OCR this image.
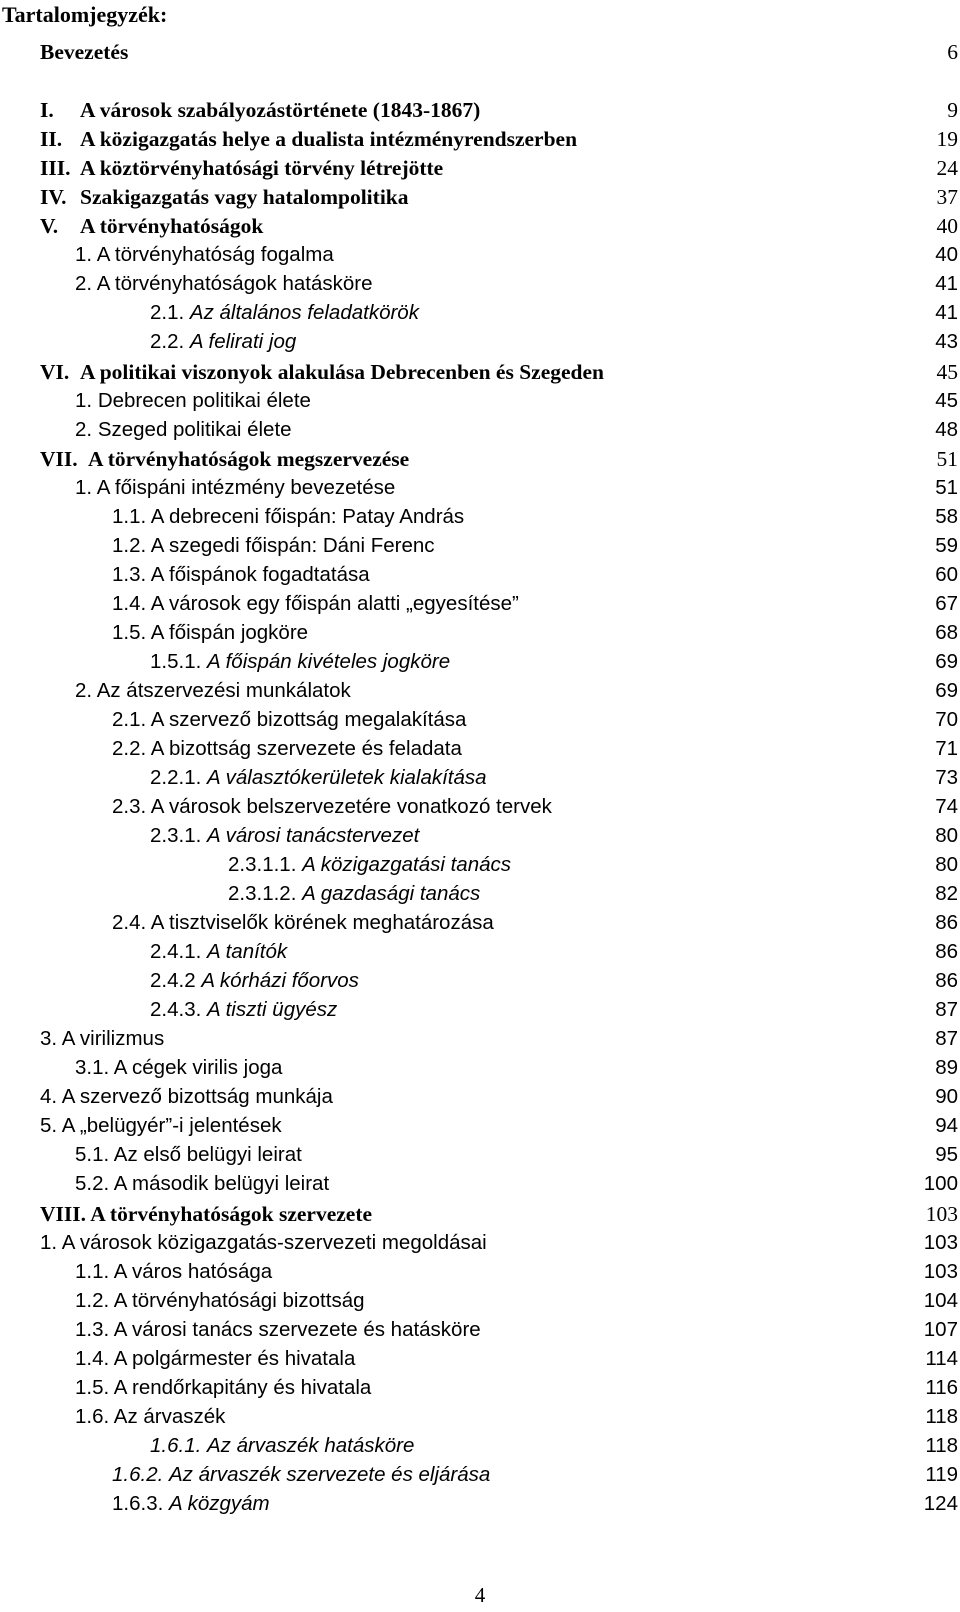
Tartalomjegyzék:
Bevezetés	6
I. A városok szabályozástörténete (1843-1867)	9
II. A közigazgatás helye a dualista intézményrendszerben	19
III. A köztörvényhatósági törvény létrejötte	24
IV. Szakigazgatás vagy hatalompolitika	37
V. A törvényhatóságok	40
1. A törvényhatóság fogalma	40
2. A törvényhatóságok hatásköre	41
2.1. Az általános feladatkörök	41
2.2. A felirati jog	43
VI. A politikai viszonyok alakulása Debrecenben és Szegeden	45
1. Debrecen politikai élete	45
2. Szeged politikai élete	48
VII. A törvényhatóságok megszervezése	51
1. A főispáni intézmény bevezetése	51
1.1. A debreceni főispán: Patay András	58
1.2. A szegedi főispán: Dáni Ferenc	59
1.3. A főispánok fogadtatása	60
1.4. A városok egy főispán alatti „egyesítése”	67
1.5. A főispán jogköre	68
1.5.1. A főispán kivételes jogköre	69
2. Az átszervezési munkálatok	69
2.1. A szervező bizottság megalakítása	70
2.2. A bizottság szervezete és feladata	71
2.2.1. A választókerületek kialakítása	73
2.3. A városok belszervezetére vonatkozó tervek	74
2.3.1. A városi tanácstervezet	80
2.3.1.1. A közigazgatási tanács	80
2.3.1.2. A gazdasági tanács	82
2.4. A tisztviselők körének meghatározása	86
2.4.1. A tanítók	86
2.4.2 A kórházi főorvos	86
2.4.3. A tiszti ügyész	87
3. A virilizmus	87
3.1. A cégek virilis joga	89
4. A szervező bizottság munkája	90
5. A „belügyér”-i jelentések	94
5.1. Az első belügyi leirat	95
5.2. A második belügyi leirat	100
VIII. A törvényhatóságok szervezete	103
1. A városok közigazgatás-szervezeti megoldásai	103
1.1. A város hatósága	103
1.2. A törvényhatósági bizottság	104
1.3. A városi tanács szervezete és hatásköre	107
1.4. A polgármester és hivatala	114
1.5. A rendőrkapitány és hivatala	116
1.6. Az árvaszék	118
1.6.1. Az árvaszék hatásköre	118
1.6.2. Az árvaszék szervezete és eljárása	119
1.6.3. A közgyám	124
4
